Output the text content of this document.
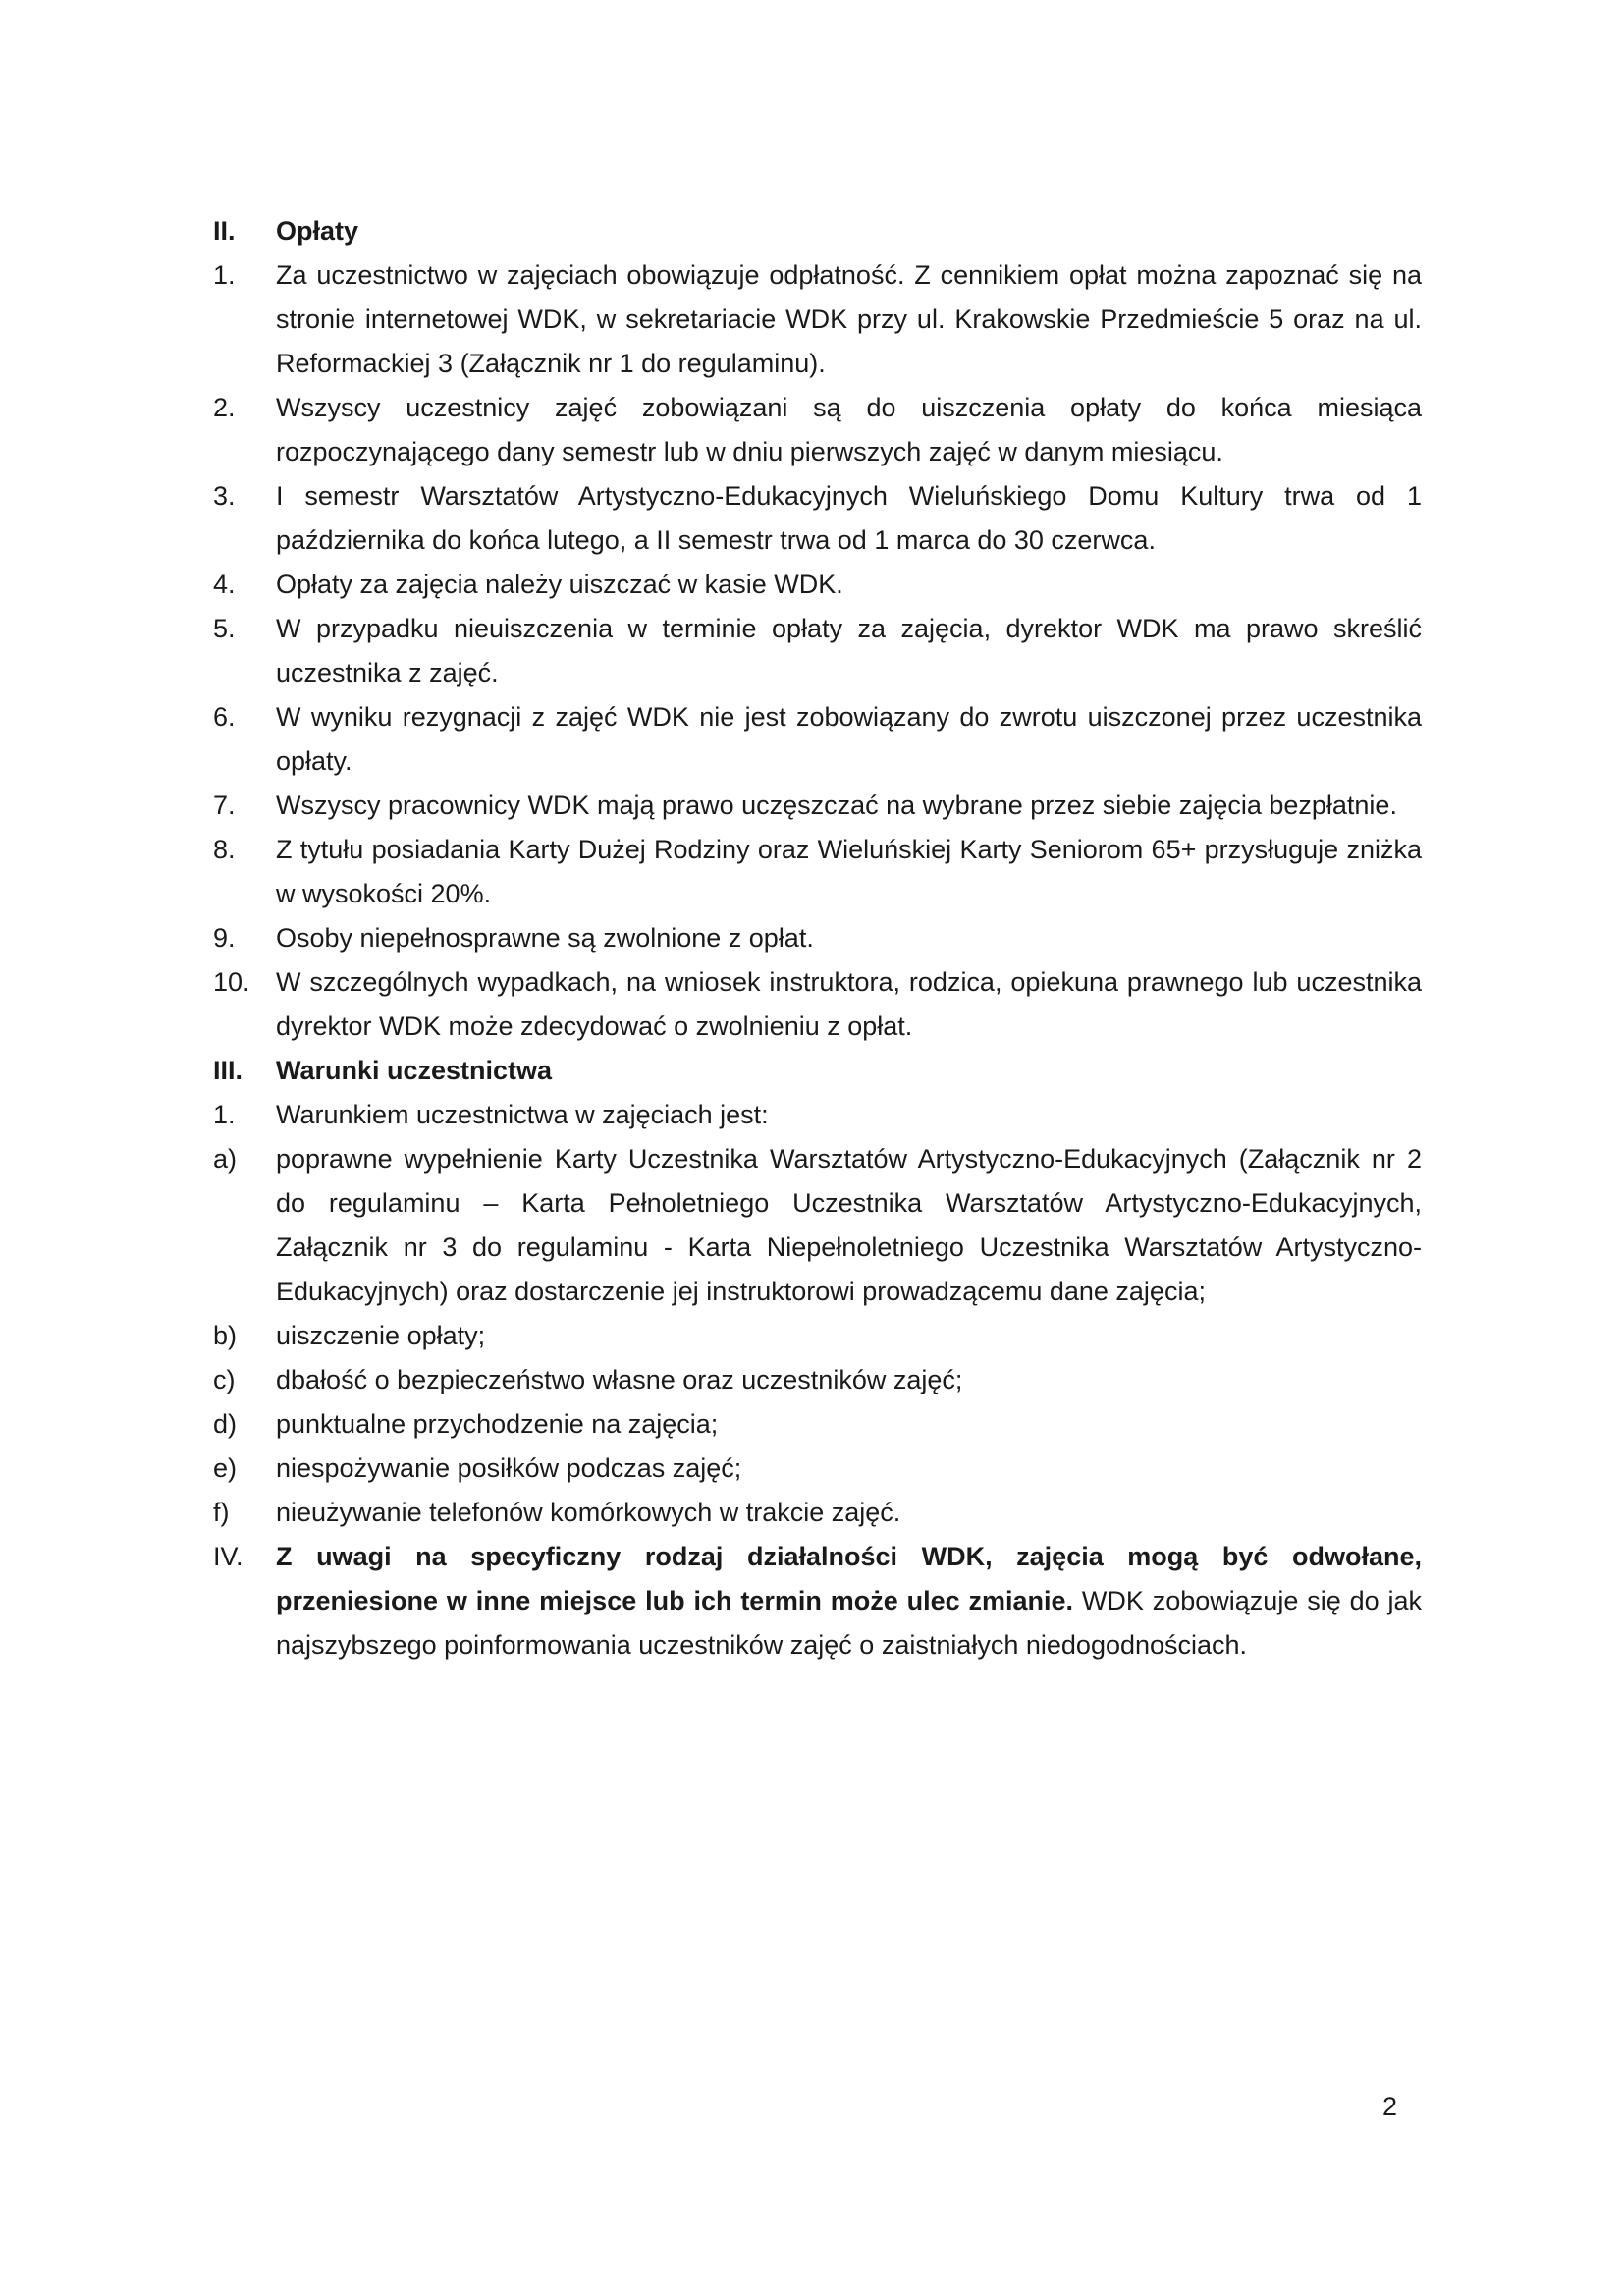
II.	Opłaty
1.	Za uczestnictwo w zajęciach obowiązuje odpłatność. Z cennikiem opłat można zapoznać się na stronie internetowej WDK, w sekretariacie WDK przy ul. Krakowskie Przedmieście 5 oraz na ul. Reformackiej 3 (Załącznik nr 1 do regulaminu).
2.	Wszyscy uczestnicy zajęć zobowiązani są do uiszczenia opłaty do końca miesiąca rozpoczynającego dany semestr lub w dniu pierwszych zajęć w danym miesiącu.
3.	I semestr Warsztatów Artystyczno-Edukacyjnych Wieluńskiego Domu Kultury trwa od 1 października do końca lutego, a II semestr trwa od 1 marca do 30 czerwca.
4.	Opłaty za zajęcia należy uiszczać w kasie WDK.
5.	W przypadku nieuiszczenia w terminie opłaty za zajęcia, dyrektor WDK ma prawo skreślić uczestnika z zajęć.
6.	W wyniku rezygnacji z zajęć WDK nie jest zobowiązany do zwrotu uiszczonej przez uczestnika opłaty.
7.	Wszyscy pracownicy WDK mają prawo uczęszczać na wybrane przez siebie zajęcia bezpłatnie.
8.	Z tytułu posiadania Karty Dużej Rodziny oraz Wieluńskiej Karty Seniorom 65+ przysługuje zniżka w wysokości 20%.
9.	Osoby niepełnosprawne są zwolnione z opłat.
10. W szczególnych wypadkach, na wniosek instruktora, rodzica, opiekuna prawnego lub uczestnika dyrektor WDK może zdecydować o zwolnieniu z opłat.
III.	Warunki uczestnictwa
1.	Warunkiem uczestnictwa w zajęciach jest:
a)	poprawne wypełnienie Karty Uczestnika Warsztatów Artystyczno-Edukacyjnych (Załącznik nr 2 do regulaminu – Karta Pełnoletniego Uczestnika Warsztatów Artystyczno-Edukacyjnych, Załącznik nr 3 do regulaminu - Karta Niepełnoletniego Uczestnika Warsztatów Artystyczno-Edukacyjnych) oraz dostarczenie jej instruktorowi prowadzącemu dane zajęcia;
b)	uiszczenie opłaty;
c)	dbałość o bezpieczeństwo własne oraz uczestników zajęć;
d)	punktualne przychodzenie na zajęcia;
e)	niespożywanie posiłków podczas zajęć;
f)	nieużywanie telefonów komórkowych w trakcie zajęć.
IV.	Z uwagi na specyficzny rodzaj działalności WDK, zajęcia mogą być odwołane, przeniesione w inne miejsce lub ich termin może ulec zmianie. WDK zobowiązuje się do jak najszybszego poinformowania uczestników zajęć o zaistniałych niedogodnościach.
2
